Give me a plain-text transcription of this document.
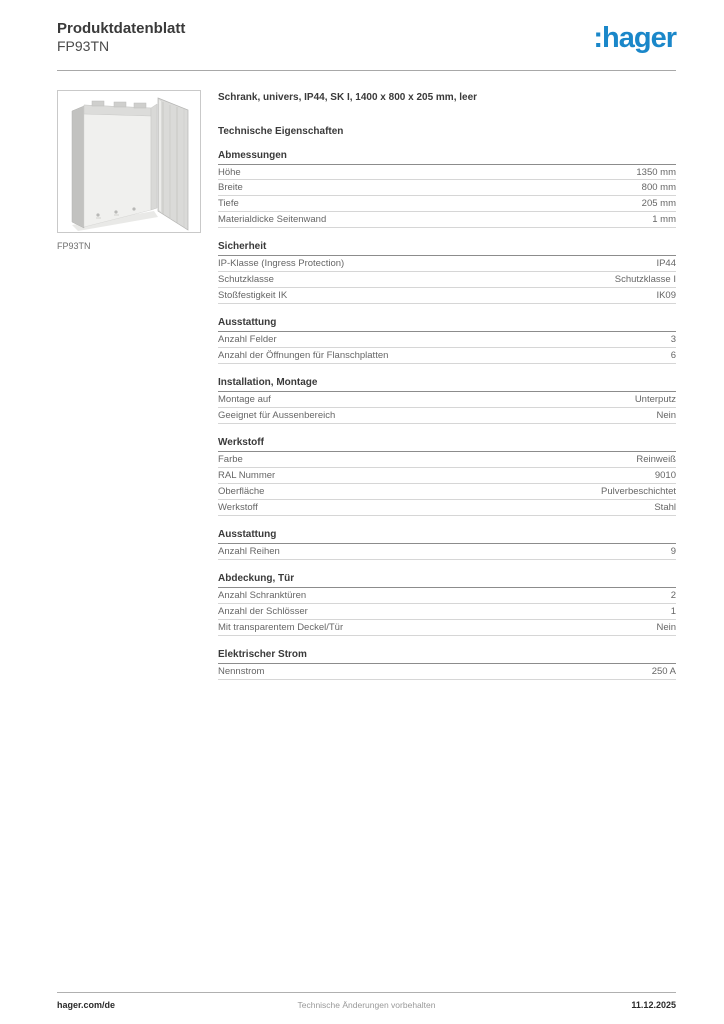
Produktdatenblatt
FP93TN	:hager
FP93TN
Schrank, univers, IP44, SK I, 1400 x 800 x 205 mm, leer
Technische Eigenschaften
Abmessungen
Höhe	1350 mm
Breite	800 mm
Tiefe	205 mm
Materialdicke Seitenwand	1 mm
Sicherheit
IP-Klasse (Ingress Protection)	IP44
Schutzklasse	Schutzklasse I
Stoßfestigkeit IK	IK09
Ausstattung
Anzahl Felder	3
Anzahl der Öffnungen für Flanschplatten	6
Installation, Montage
Montage auf	Unterputz
Geeignet für Aussenbereich	Nein
Werkstoff
Farbe	Reinweiß
RAL Nummer	9010
Oberfläche	Pulverbeschichtet
Werkstoff	Stahl
Ausstattung
Anzahl Reihen	9
Abdeckung, Tür
Anzahl Schranktüren	2
Anzahl der Schlösser	1
Mit transparentem Deckel/Tür	Nein
Elektrischer Strom
Nennstrom	250 A
hager.com/de	Technische Änderungen vorbehalten	11.12.2025
